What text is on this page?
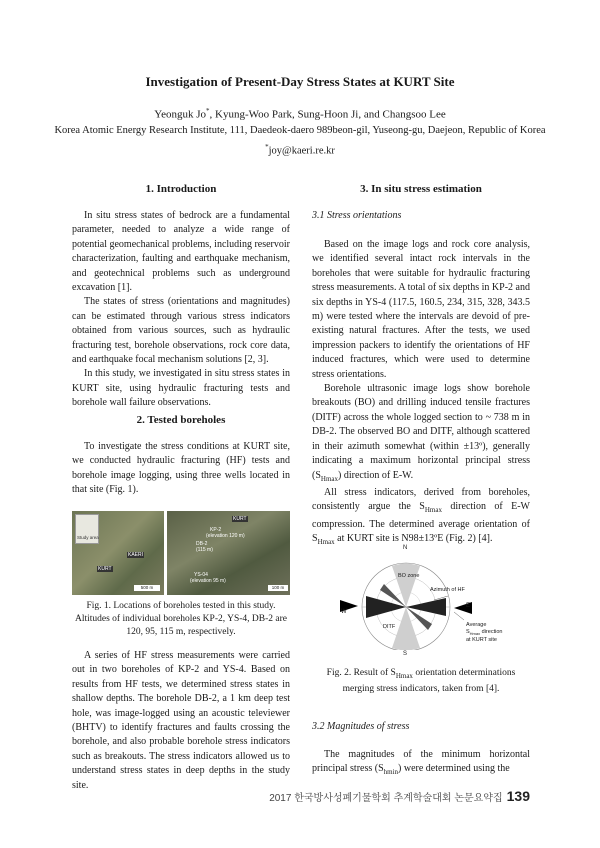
Investigation of Present-Day Stress States at KURT Site
Yeonguk Jo*, Kyung-Woo Park, Sung-Hoon Ji, and Changsoo Lee
Korea Atomic Energy Research Institute, 111, Daedeok-daero 989beon-gil, Yuseong-gu, Daejeon, Republic of Korea
*joy@kaeri.re.kr
1. Introduction

In situ stress states of bedrock are a fundamental parameter, needed to analyze a wide range of potential geomechanical problems, including reservoir characterization, faulting and earthquake mechanism, and geotechnical problems such as underground excavation [1].

The states of stress (orientations and magnitudes) can be estimated through various stress indicators obtained from various sources, such as hydraulic fracturing test, borehole observations, rock core data, and earthquake focal mechanism solutions [2, 3].

In this study, we investigated in situ stress states in KURT site, using hydraulic fracturing tests and borehole wall failure observations.

2. Tested boreholes

To investigate the stress conditions at KURT site, we conducted hydraulic fracturing (HF) tests and borehole image logging, using three wells located in that site (Fig. 1).

Study area
KAERI
KURT
500 m
KURT
KP-2
(elevation 120 m)
DB-2
(115 m)
YS-04
(elevation 95 m)
100 m
Fig. 1. Locations of boreholes tested in this study. Altitudes of individual boreholes KP-2, YS-4, DB-2 are 120, 95, 115 m, respectively.

A series of HF stress measurements were carried out in two boreholes of KP-2 and YS-4. Based on results from HF tests, we determined stress states in shallow depths. The borehole DB-2, a 1 km deep test hole, was image-logged using an acoustic televiewer (BHTV) to identify fractures and faults crossing the borehole, and also probable borehole stress indicators such as breakouts. The stress indicators allowed us to understand stress states in deep depths in the study site.

3. In situ stress estimation
3.1 Stress orientations

Based on the image logs and rock core analysis, we identified several intact rock intervals in the boreholes that were suitable for hydraulic fracturing stress measurements. A total of six depths in KP-2 and six depths in YS-4 (117.5, 160.5, 234, 315, 328, 343.5 m) were tested where the intervals are devoid of pre-existing natural fractures. After the tests, we used impression packers to identify the orientations of HF induced fractures, which were used to determine stress orientations.

Borehole ultrasonic image logs show borehole breakouts (BO) and drilling induced tensile fractures (DITF) across the whole logged section to ~ 738 m in DB-2. The observed BO and DITF, although scattered in their azimuth somewhat (within ±13º), generally indicating a maximum horizontal principal stress $(S_{Hmax})$ direction of E-W.

All stress indicators, derived from boreholes, consistently argue the $S_{Hmax}$ direction of E-W compression. The determined average orientation of $S_{Hmax}$ at KURT site is N98±13ºE (Fig. 2) [4].

N
S
W
E
BO zone
Azimuth of HF
DITF	Average
$S_{Hmax}$ direction
at KURT site
Fig. 2. Result of $S_{Hmax}$ orientation determinations merging stress indicators, taken from [4].
3.2 Magnitudes of stress

The magnitudes of the minimum horizontal principal stress $(S_{hmin})$ were determined using the

2017 한국방사성폐기물학회 추계학술대회 논문요약집 139
